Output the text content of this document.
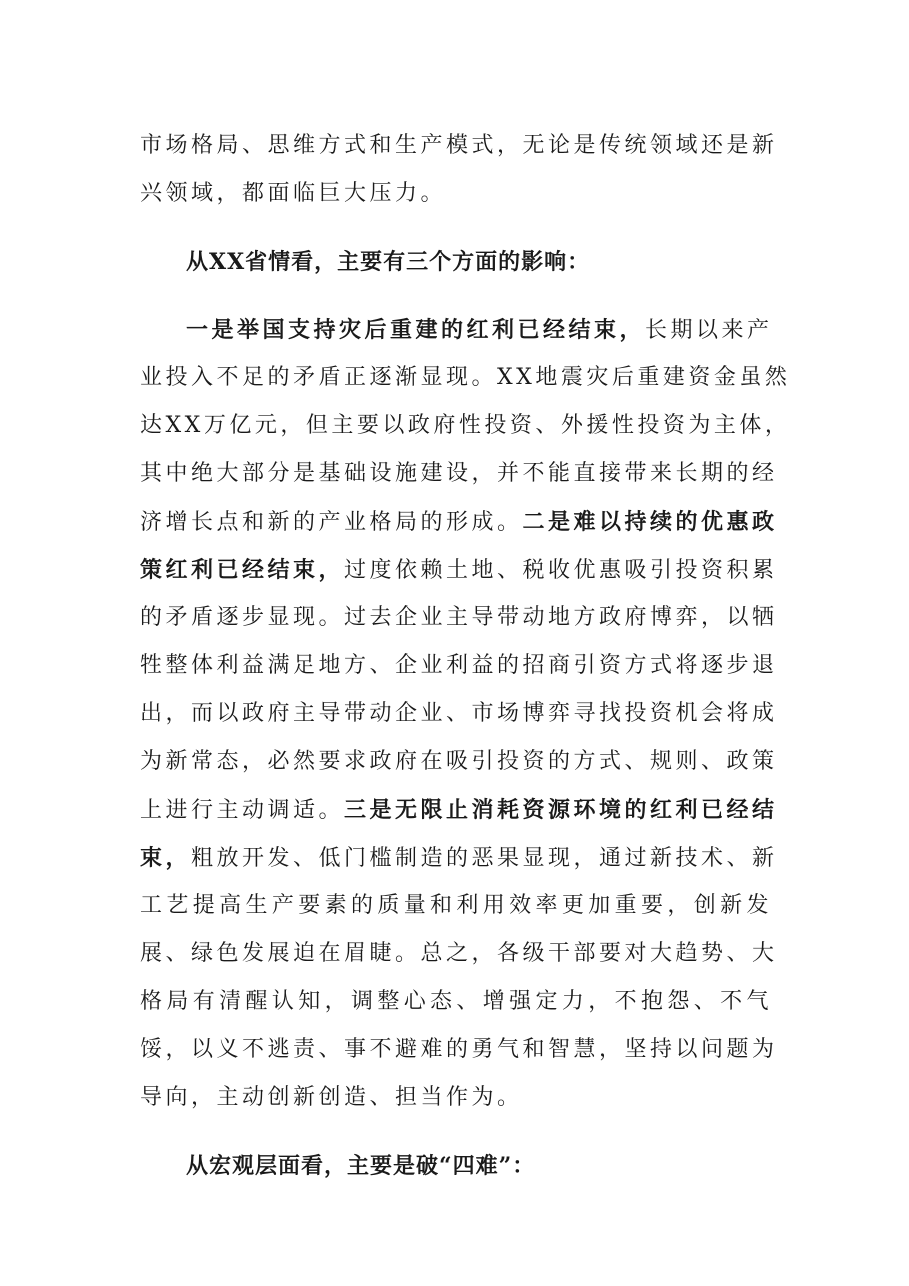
市场格局、思维方式和生产模式，无论是传统领域还是新
兴领域，都面临巨大压力。
从XX省情看，主要有三个方面的影响：
一是举国支持灾后重建的红利已经结束，长期以来产
业投入不足的矛盾正逐渐显现。XX地震灾后重建资金虽然
达XX万亿元，但主要以政府性投资、外援性投资为主体，
其中绝大部分是基础设施建设，并不能直接带来长期的经
济增长点和新的产业格局的形成。二是难以持续的优惠政
策红利已经结束，过度依赖土地、税收优惠吸引投资积累
的矛盾逐步显现。过去企业主导带动地方政府博弈，以牺
牲整体利益满足地方、企业利益的招商引资方式将逐步退
出，而以政府主导带动企业、市场博弈寻找投资机会将成
为新常态，必然要求政府在吸引投资的方式、规则、政策
上进行主动调适。三是无限止消耗资源环境的红利已经结
束，粗放开发、低门槛制造的恶果显现，通过新技术、新
工艺提高生产要素的质量和利用效率更加重要，创新发
展、绿色发展迫在眉睫。总之，各级干部要对大趋势、大
格局有清醒认知，调整心态、增强定力，不抱怨、不气
馁，以义不逃责、事不避难的勇气和智慧，坚持以问题为
导向，主动创新创造、担当作为。
从宏观层面看，主要是破“四难”：
